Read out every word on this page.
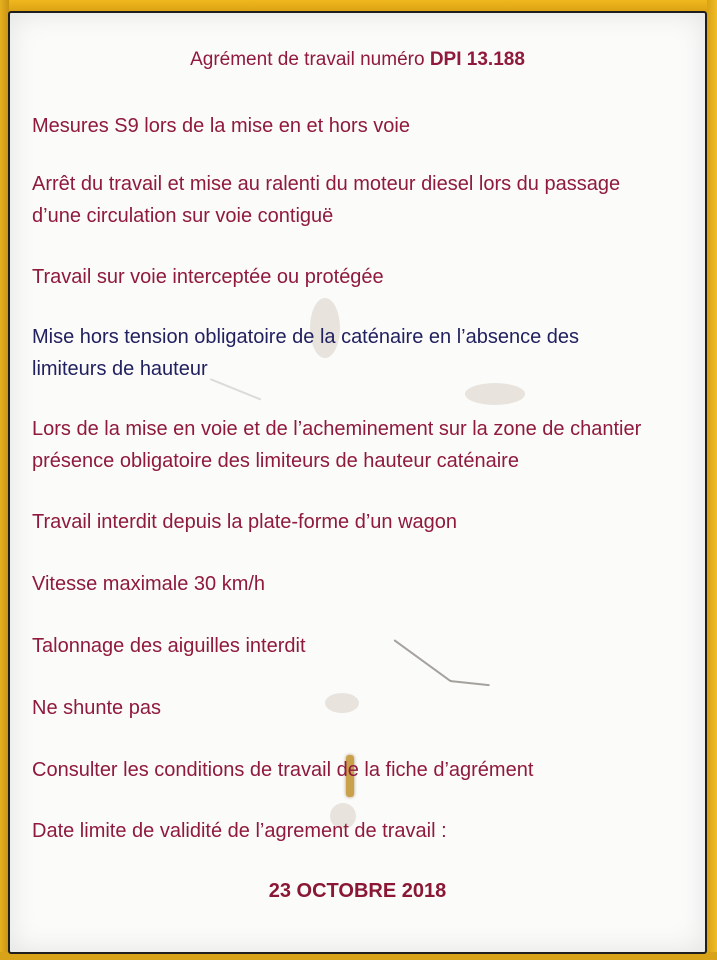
Agrément de travail numéro DPI 13.188

Mesures S9 lors de la mise en et hors voie

Arrêt du travail et mise au ralenti du moteur diesel lors du passage

d’une circulation sur voie contiguë

Travail sur voie interceptée ou protégée

Mise hors tension obligatoire de la caténaire en l’absence des

limiteurs de hauteur

Lors de la mise en voie et de l’acheminement sur la zone de chantier

présence obligatoire des limiteurs de hauteur caténaire

Travail interdit depuis la plate-forme d’un wagon

Vitesse maximale 30 km/h

Talonnage des aiguilles interdit

Ne shunte pas

Consulter les conditions de travail de la fiche d’agrément

Date limite de validité de l’agrement de travail :

23 OCTOBRE 2018
